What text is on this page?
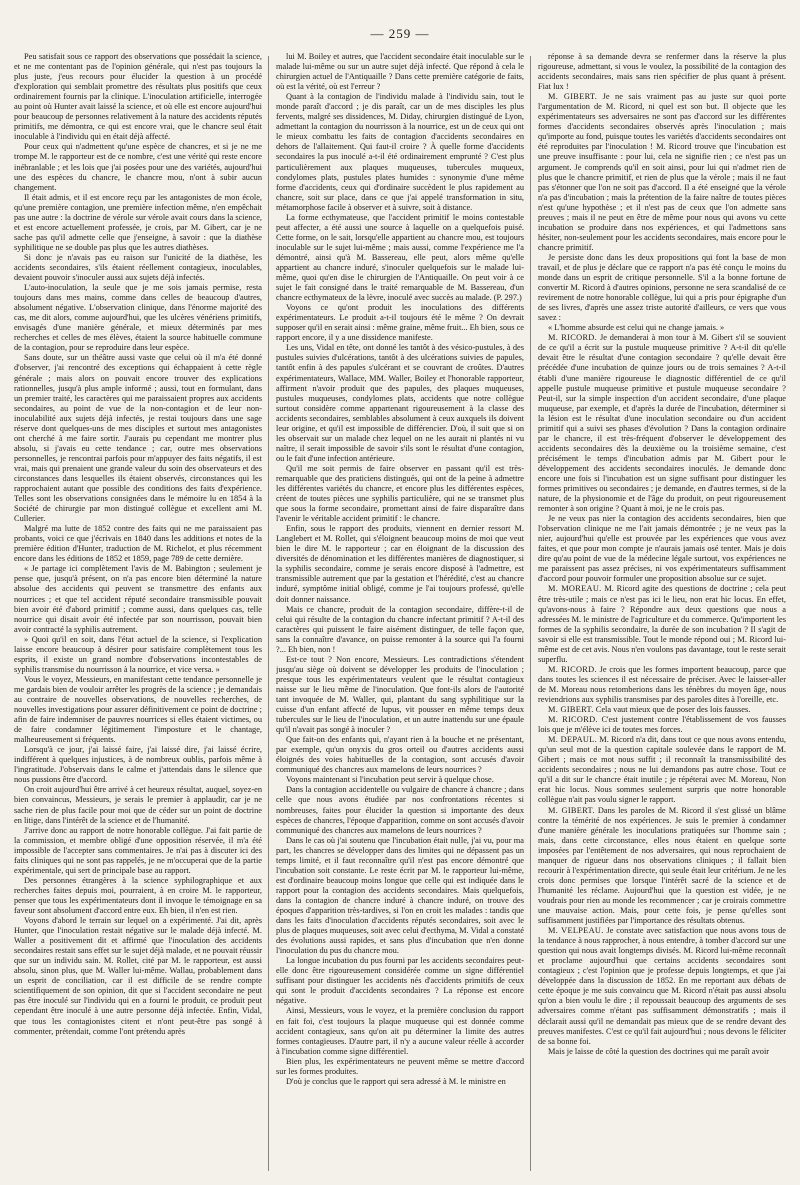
— 259 —

Peu satisfait sous ce rapport des observations que possédait la science, et ne me contentant pas de l'opinion générale, qui n'est pas toujours la plus juste, j'eus recours pour élucider la question à un procédé d'exploration qui semblait promettre des résultats plus positifs que ceux ordinairement fournis par la clinique. L'inoculation artificielle, interrogée au point où Hunter avait laissé la science, et où elle est encore aujourd'hui pour beaucoup de personnes relativement à la nature des accidents réputés primitifs, me démontra, ce qui est encore vrai, que le chancre seul était inoculable à l'individu qui en était déjà affecté.

Pour ceux qui n'admettent qu'une espèce de chancres, et si je ne me trompe M. le rapporteur est de ce nombre, c'est une vérité qui reste encore inébranlable ; et les lois que j'ai posées pour une des variétés, aujourd'hui une des espèces du chancre, le chancre mou, n'ont à subir aucun changement.

Il était admis, et il est encore reçu par les antagonistes de mon école, qu'une première contagion, une première infection même, n'en empêchait pas une autre : la doctrine de vérole sur vérole avait cours dans la science, et est encore actuellement professée, je crois, par M. Gibert, car je ne sache pas qu'il admette celle que j'enseigne, à savoir : que la diathèse syphilitique ne se double pas plus que les autres diathèses.

Si donc je n'avais pas eu raison sur l'unicité de la diathèse, les accidents secondaires, s'ils étaient réellement contagieux, inoculables, devaient pouvoir s'inoculer aussi aux sujets déjà infectés.

L'auto-inoculation, la seule que je me sois jamais permise, resta toujours dans mes mains, comme dans celles de beaucoup d'autres, absolument négative. L'observation clinique, dans l'énorme majorité des cas, me dit alors, comme aujourd'hui, que les ulcères vénériens primitifs, envisagés d'une manière générale, et mieux déterminés par mes recherches et celles de mes élèves, étaient la source habituelle commune de la contagion, pour se reproduire dans leur espèce.

Sans doute, sur un théâtre aussi vaste que celui où il m'a été donné d'observer, j'ai rencontré des exceptions qui échappaient à cette règle générale ; mais alors on pouvait encore trouver des explications rationnelles, jusqu'à plus ample informé ; aussi, tout en formulant, dans un premier traité, les caractères qui me paraissaient propres aux accidents secondaires, au point de vue de la non-contagion et de leur non-inoculabilité aux sujets déjà infectés, je restai toujours dans une sage réserve dont quelques-uns de mes disciples et surtout mes antagonistes ont cherché à me faire sortir. J'aurais pu cependant me montrer plus absolu, si j'avais eu cette tendance ; car, outre mes observations personnelles, je rencontrai parfois pour m'appuyer des faits négatifs, il est vrai, mais qui prenaient une grande valeur du soin des observateurs et des circonstances dans lesquelles ils étaient observés, circonstances qui les rapprochaient autant que possible des conditions des faits d'expérience. Telles sont les observations consignées dans le mémoire lu en 1854 à la Société de chirurgie par mon distingué collègue et excellent ami M. Cullerier.

Malgré ma lutte de 1852 contre des faits qui ne me paraissaient pas probants, voici ce que j'écrivais en 1840 dans les additions et notes de la première édition d'Hunter, traduction de M. Richelot, et plus récemment encore dans les éditions de 1852 et 1859, page 789 de cette dernière.

« Je partage ici complètement l'avis de M. Babington ; seulement je pense que, jusqu'à présent, on n'a pas encore bien déterminé la nature absolue des accidents qui peuvent se transmettre des enfants aux nourrices ; et que tel accident réputé secondaire transmissible pouvait bien avoir été d'abord primitif ; comme aussi, dans quelques cas, telle nourrice qui disait avoir été infectée par son nourrisson, pouvait bien avoir contracté la syphilis autrement.

» Quoi qu'il en soit, dans l'état actuel de la science, si l'explication laisse encore beaucoup à désirer pour satisfaire complètement tous les esprits, il existe un grand nombre d'observations incontestables de syphilis transmise du nourrisson à la nourrice, et vice versa. »

Vous le voyez, Messieurs, en manifestant cette tendance personnelle je me gardais bien de vouloir arrêter les progrès de la science ; je demandais au contraire de nouvelles observations, de nouvelles recherches, de nouvelles investigations pour assurer définitivement ce point de doctrine ; afin de faire indemniser de pauvres nourrices si elles étaient victimes, ou de faire condamner légitimement l'imposture et le chantage, malheureusement si fréquents.

Lorsqu'à ce jour, j'ai laissé faire, j'ai laissé dire, j'ai laissé écrire, indifférent à quelques injustices, à de nombreux oublis, parfois même à l'ingratitude. J'observais dans le calme et j'attendais dans le silence que nous pussions être d'accord.

On croit aujourd'hui être arrivé à cet heureux résultat, auquel, soyez-en bien convaincus, Messieurs, je serais le premier à applaudir, car je ne sache rien de plus facile pour moi que de céder sur un point de doctrine en litige, dans l'intérêt de la science et de l'humanité.

J'arrive donc au rapport de notre honorable collègue. J'ai fait partie de la commission, et membre obligé d'une opposition réservée, il m'a été impossible de l'accepter sans commentaires. Je n'ai pas à discuter ici des faits cliniques qui ne sont pas rappelés, je ne m'occuperai que de la partie expérimentale, qui sert de principale base au rapport.

Des personnes étrangères à la science syphilographique et aux recherches faites depuis moi, pourraient, à en croire M. le rapporteur, penser que tous les expérimentateurs dont il invoque le témoignage en sa faveur sont absolument d'accord entre eux. Eh bien, il n'en est rien.

Voyons d'abord le terrain sur lequel on a expérimenté. J'ai dit, après Hunter, que l'inoculation restait négative sur le malade déjà infecté. M. Waller a positivement dit et affirmé que l'inoculation des accidents secondaires restait sans effet sur le sujet déjà malade, et ne pouvait réussir que sur un individu sain. M. Rollet, cité par M. le rapporteur, est aussi absolu, sinon plus, que M. Waller lui-même. Wallau, probablement dans un esprit de conciliation, car il est difficile de se rendre compte scientifiquement de son opinion, dit que si l'accident secondaire ne peut pas être inoculé sur l'individu qui en a fourni le produit, ce produit peut cependant être inoculé à une autre personne déjà infectée. Enfin, Vidal, que tous les contagionistes citent et n'ont peut-être pas songé à commenter, prétendait, comme l'ont prétendu après

lui M. Boiley et autres, que l'accident secondaire était inoculable sur le malade lui-même ou sur un autre sujet déjà infecté. Que répond à cela le chirurgien actuel de l'Antiquaille ? Dans cette première catégorie de faits, où est la vérité, où est l'erreur ?

Quant à la contagion de l'individu malade à l'individu sain, tout le monde paraît d'accord ; je dis paraît, car un de mes disciples les plus fervents, malgré ses dissidences, M. Diday, chirurgien distingué de Lyon, admettant la contagion du nourrisson à la nourrice, est un de ceux qui ont le mieux combattu les faits de contagion d'accidents secondaires en dehors de l'allaitement. Qui faut-il croire ? À quelle forme d'accidents secondaires la pus inoculé a-t-il été ordinairement emprunté ? C'est plus particulièrement aux plaques muqueuses, tubercules muqueux, condylomes plats, pustules plates humides : synonymie d'une même forme d'accidents, ceux qui d'ordinaire succèdent le plus rapidement au chancre, soit sur place, dans ce que j'ai appelé transformation in situ, métamorphose facile à observer et à suivre, soit à distance.

La forme ecthymateuse, que l'accident primitif le moins contestable peut affecter, a été aussi une source à laquelle on a quelquefois puisé. Cette forme, on le sait, lorsqu'elle appartient au chancre mou, est toujours inoculable sur le sujet lui-même ; mais aussi, comme l'expérience me l'a démontré, ainsi qu'à M. Bassereau, elle peut, alors même qu'elle appartient au chancre induré, s'inoculer quelquefois sur le malade lui-même, quoi qu'en dise le chirurgien de l'Antiquaille. On peut voir à ce sujet le fait consigné dans le traité remarquable de M. Bassereau, d'un chancre ecthymateux de la lèvre, inoculé avec succès au malade. (P. 297.)

Voyons ce qu'ont produit les inoculations des différents expérimentateurs. Le produit a-t-il toujours été le même ? On devrait supposer qu'il en serait ainsi : même graine, même fruit... Eh bien, sous ce rapport encore, il y a une dissidence manifeste.

Les uns, Vidal en tête, ont donné les tantôt à des vésico-pustules, à des pustules suivies d'ulcérations, tantôt à des ulcérations suivies de papules, tantôt enfin à des papules s'ulcérant et se couvrant de croûtes. D'autres expérimentateurs, Wallace, MM. Waller, Boiley et l'honorable rapporteur, affirment n'avoir produit que des papules, des plaques muqueuses, pustules muqueuses, condylomes plats, accidents que notre collègue surtout considère comme appartenant rigoureusement à la classe des accidents secondaires, semblables absolument à ceux auxquels ils doivent leur origine, et qu'il est impossible de différencier. D'où, il suit que si on les observait sur un malade chez lequel on ne les aurait ni plantés ni vu naître, il serait impossible de savoir s'ils sont le résultat d'une contagion, ou le fait d'une infection antérieure.

Qu'il me soit permis de faire observer en passant qu'il est très-remarquable que des praticiens distingués, qui ont de la peine à admettre les différentes variétés du chancre, et encore plus les différentes espèces, créent de toutes pièces une syphilis particulière, qui ne se transmet plus que sous la forme secondaire, promettant ainsi de faire disparaître dans l'avenir le véritable accident primitif : le chancre.

Enfin, sous le rapport des produits, viennent en dernier ressort M. Langlebert et M. Rollet, qui s'éloignent beaucoup moins de moi que veut bien le dire M. le rapporteur ; car en éloignant de la discussion des diversités de dénomination et les différentes manières de diagnostiquer, si la syphilis secondaire, comme je serais encore disposé à l'admettre, est transmissible autrement que par la gestation et l'hérédité, c'est au chancre induré, symptôme initial obligé, comme je l'ai toujours professé, qu'elle doit donner naissance.

Mais ce chancre, produit de la contagion secondaire, diffère-t-il de celui qui résulte de la contagion du chancre infectant primitif ? A-t-il des caractères qui puissent le faire aisément distinguer, de telle façon que, sans la connaître d'avance, on puisse remonter à la source qui l'a fourni ?... Eh bien, non !

Est-ce tout ? Non encore, Messieurs. Les contradictions s'étendent jusqu'au siège où doivent se développer les produits de l'inoculation ; presque tous les expérimentateurs veulent que le résultat contagieux naisse sur le lieu même de l'inoculation. Que font-ils alors de l'autorité tant invoquée de M. Waller, qui, plantant du sang syphilitique sur la cuisse d'un enfant affecté de lupus, vit pousser en même temps deux tubercules sur le lieu de l'inoculation, et un autre inattendu sur une épaule qu'il n'avait pas songé à inoculer ?

Que fait-on des enfants qui, n'ayant rien à la bouche et ne présentant, par exemple, qu'un onyxis du gros orteil ou d'autres accidents aussi éloignés des voies habituelles de la contagion, sont accusés d'avoir communiqué des chancres aux mamelons de leurs nourrices ?

Voyons maintenant si l'incubation peut servir à quelque chose.

Dans la contagion accidentelle ou vulgaire de chancre à chancre ; dans celle que nous avons étudiée par nos confrontations récentes si nombreuses, faites pour élucider la question si importante des deux espèces de chancres, l'époque d'apparition, comme on sont accusés d'avoir communiqué des chancres aux mamelons de leurs nourrices ?

Dans le cas où j'ai soutenu que l'incubation était nulle, j'ai vu, pour ma part, les chancres se développer dans des limites qui ne dépassent pas un temps limité, et il faut reconnaître qu'il n'est pas encore démontré que l'incubation soit constante. Le reste écrit par M. le rapporteur lui-même, est d'ordinaire beaucoup moins longue que celle qui est indiquée dans le rapport pour la contagion des accidents secondaires. Mais quelquefois, dans la contagion de chancre induré à chancre induré, on trouve des époques d'apparition très-tardives, si l'on en croit les malades : tandis que dans les faits d'inoculation d'accidents réputés secondaires, soit avec le plus de plaques muqueuses, soit avec celui d'ecthyma, M. Vidal a constaté des évolutions aussi rapides, et sans plus d'incubation que n'en donne l'inoculation du pus du chancre mou.

La longue incubation du pus fourni par les accidents secondaires peut-elle donc être rigoureusement considérée comme un signe différentiel suffisant pour distinguer les accidents nés d'accidents primitifs de ceux qui sont le produit d'accidents secondaires ? La réponse est encore négative.

Ainsi, Messieurs, vous le voyez, et la première conclusion du rapport en fait foi, c'est toujours la plaque muqueuse qui est donnée comme accident contagieux, sans qu'on ait pu déterminer la limite des autres formes contagieuses. D'autre part, il n'y a aucune valeur réelle à accorder à l'incubation comme signe différentiel.

Bien plus, les expérimentateurs ne peuvent même se mettre d'accord sur les formes produites.

D'où je conclus que le rapport qui sera adressé à M. le ministre en

réponse à sa demande devra se renfermer dans la réserve la plus rigoureuse, admettant, si vous le voulez, la possibilité de la contagion des accidents secondaires, mais sans rien spécifier de plus quant à présent. Fiat lux !

M. GIBERT. Je ne sais vraiment pas au juste sur quoi porte l'argumentation de M. Ricord, ni quel est son but. Il objecte que les expérimentateurs ses adversaires ne sont pas d'accord sur les différentes formes d'accidents secondaires observés après l'inoculation ; mais qu'importe au fond, puisque toutes les variétés d'accidents secondaires ont été reproduites par l'inoculation ! M. Ricord trouve que l'incubation est une preuve insuffisante : pour lui, cela ne signifie rien ; ce n'est pas un argument. Je comprends qu'il en soit ainsi, pour lui qui n'admet rien de plus que le chancre primitif, et rien de plus que la vérole ; mais il ne faut pas s'étonner que l'on ne soit pas d'accord. Il a été enseigné que la vérole n'a pas d'incubation ; mais la prétention de la faire naître de toutes pièces n'est qu'une hypothèse ; et il n'est pas de ceux que l'on admette sans preuves ; mais il ne peut en être de même pour nous qui avons vu cette incubation se produire dans nos expériences, et qui l'admettons sans hésiter, non-seulement pour les accidents secondaires, mais encore pour le chancre primitif.

Je persiste donc dans les deux propositions qui font la base de mon travail, et de plus je déclare que ce rapport n'a pas été conçu le moins du monde dans un esprit de critique personnelle. S'il a la bonne fortune de convertir M. Ricord à d'autres opinions, personne ne sera scandalisé de ce revirement de notre honorable collègue, lui qui a pris pour épigraphe d'un de ses livres, d'après une assez triste autorité d'ailleurs, ce vers que vous savez :

« L'homme absurde est celui qui ne change jamais. »

M. RICORD. Je demanderai à mon tour à M. Gibert s'il se souvient de ce qu'il a écrit sur la pustule muqueuse primitive ? A-t-il dit qu'elle devait être le résultat d'une contagion secondaire ? qu'elle devait être précédée d'une incubation de quinze jours ou de trois semaines ? A-t-il établi d'une manière rigoureuse le diagnostic différentiel de ce qu'il appelle pustule muqueuse primitive et pustule muqueuse secondaire ? Peut-il, sur la simple inspection d'un accident secondaire, d'une plaque muqueuse, par exemple, et d'après la durée de l'incubation, déterminer si la lésion est le résultat d'une inoculation secondaire ou d'un accident primitif qui a suivi ses phases d'évolution ? Dans la contagion ordinaire par le chancre, il est très-fréquent d'observer le développement des accidents secondaires dès la deuxième ou la troisième semaine, c'est précisément le temps d'incubation admis par M. Gibert pour le développement des accidents secondaires inoculés. Je demande donc encore une fois si l'incubation est un signe suffisant pour distinguer les formes primitives ou secondaires ; je demande, en d'autres termes, si de la nature, de la physionomie et de l'âge du produit, on peut rigoureusement remonter à son origine ? Quant à moi, je ne le crois pas.

Je ne veux pas nier la contagion des accidents secondaires, bien que l'observation clinique ne me l'ait jamais démontrée ; je ne veux pas la nier, aujourd'hui qu'elle est prouvée par les expériences que vous avez faites, et que pour mon compte je n'aurais jamais osé tenter. Mais je dois dire qu'au point de vue de la médecine légale surtout, vos expériences ne me paraissent pas assez précises, ni vos expérimentateurs suffisamment d'accord pour pouvoir formuler une proposition absolue sur ce sujet.

M. MOREAU. M. Ricord agite des questions de doctrine ; cela peut être très-utile ; mais ce n'est pas ici le lieu, non erat hic locus. En effet, qu'avons-nous à faire ? Répondre aux deux questions que nous a adressées M. le ministre de l'agriculture et du commerce. Qu'importent les formes de la syphilis secondaire, la durée de son incubation ? Il s'agit de savoir si elle est transmissible. Tout le monde répond oui ; M. Ricord lui-même est de cet avis. Nous n'en voulons pas davantage, tout le reste serait superflu.

M. RICORD. Je crois que les formes importent beaucoup, parce que dans toutes les sciences il est nécessaire de préciser. Avec le laisser-aller de M. Moreau nous retomberions dans les ténèbres du moyen âge, nous reviendrions aux syphilis transmises par des paroles dites à l'oreille, etc.

M. GIBERT. Cela vaut mieux que de poser des lois fausses.

M. RICORD. C'est justement contre l'établissement de vos fausses lois que je m'élève ici de toutes mes forces.

M. DEPAUL. M. Ricord n'a dit, dans tout ce que nous avons entendu, qu'un seul mot de la question capitale soulevée dans le rapport de M. Gibert ; mais ce mot nous suffit ; il reconnaît la transmissibilité des accidents secondaires ; nous ne lui demandons pas autre chose. Tout ce qu'il a dit sur le chancre était inutile ; je répéterai avec M. Moreau, Non erat hic locus. Nous sommes seulement surpris que notre honorable collègue n'ait pas voulu signer le rapport.

M. GIBERT. Dans les paroles de M. Ricord il s'est glissé un blâme contre la témérité de nos expériences. Je suis le premier à condamner d'une manière générale les inoculations pratiquées sur l'homme sain ; mais, dans cette circonstance, elles nous étaient en quelque sorte imposées par l'entêtement de nos adversaires, qui nous reprochaient de manquer de rigueur dans nos observations cliniques ; il fallait bien recourir à l'expérimentation directe, qui seule était leur critérium. Je ne les crois donc permises que lorsque l'intérêt sacré de la science et de l'humanité les réclame. Aujourd'hui que la question est vidée, je ne voudrais pour rien au monde les recommencer ; car je croirais commettre une mauvaise action. Mais, pour cette fois, je pense qu'elles sont suffisamment justifiées par l'importance des résultats obtenus.

M. VELPEAU. Je constate avec satisfaction que nous avons tous de la tendance à nous rapprocher, à nous entendre, à tomber d'accord sur une question qui nous avait longtemps divisés. M. Ricord lui-même reconnaît et proclame aujourd'hui que certains accidents secondaires sont contagieux ; c'est l'opinion que je professe depuis longtemps, et que j'ai développée dans la discussion de 1852. En me reportant aux débats de cette époque je me suis convaincu que M. Ricord n'était pas aussi absolu qu'on a bien voulu le dire ; il repoussait beaucoup des arguments de ses adversaires comme n'étant pas suffisamment démonstratifs ; mais il déclarait aussi qu'il ne demandait pas mieux que de se rendre devant des preuves manifestes. C'est ce qu'il fait aujourd'hui ; nous devons le féliciter de sa bonne foi.

Mais je laisse de côté la question des doctrines qui me paraît avoir
